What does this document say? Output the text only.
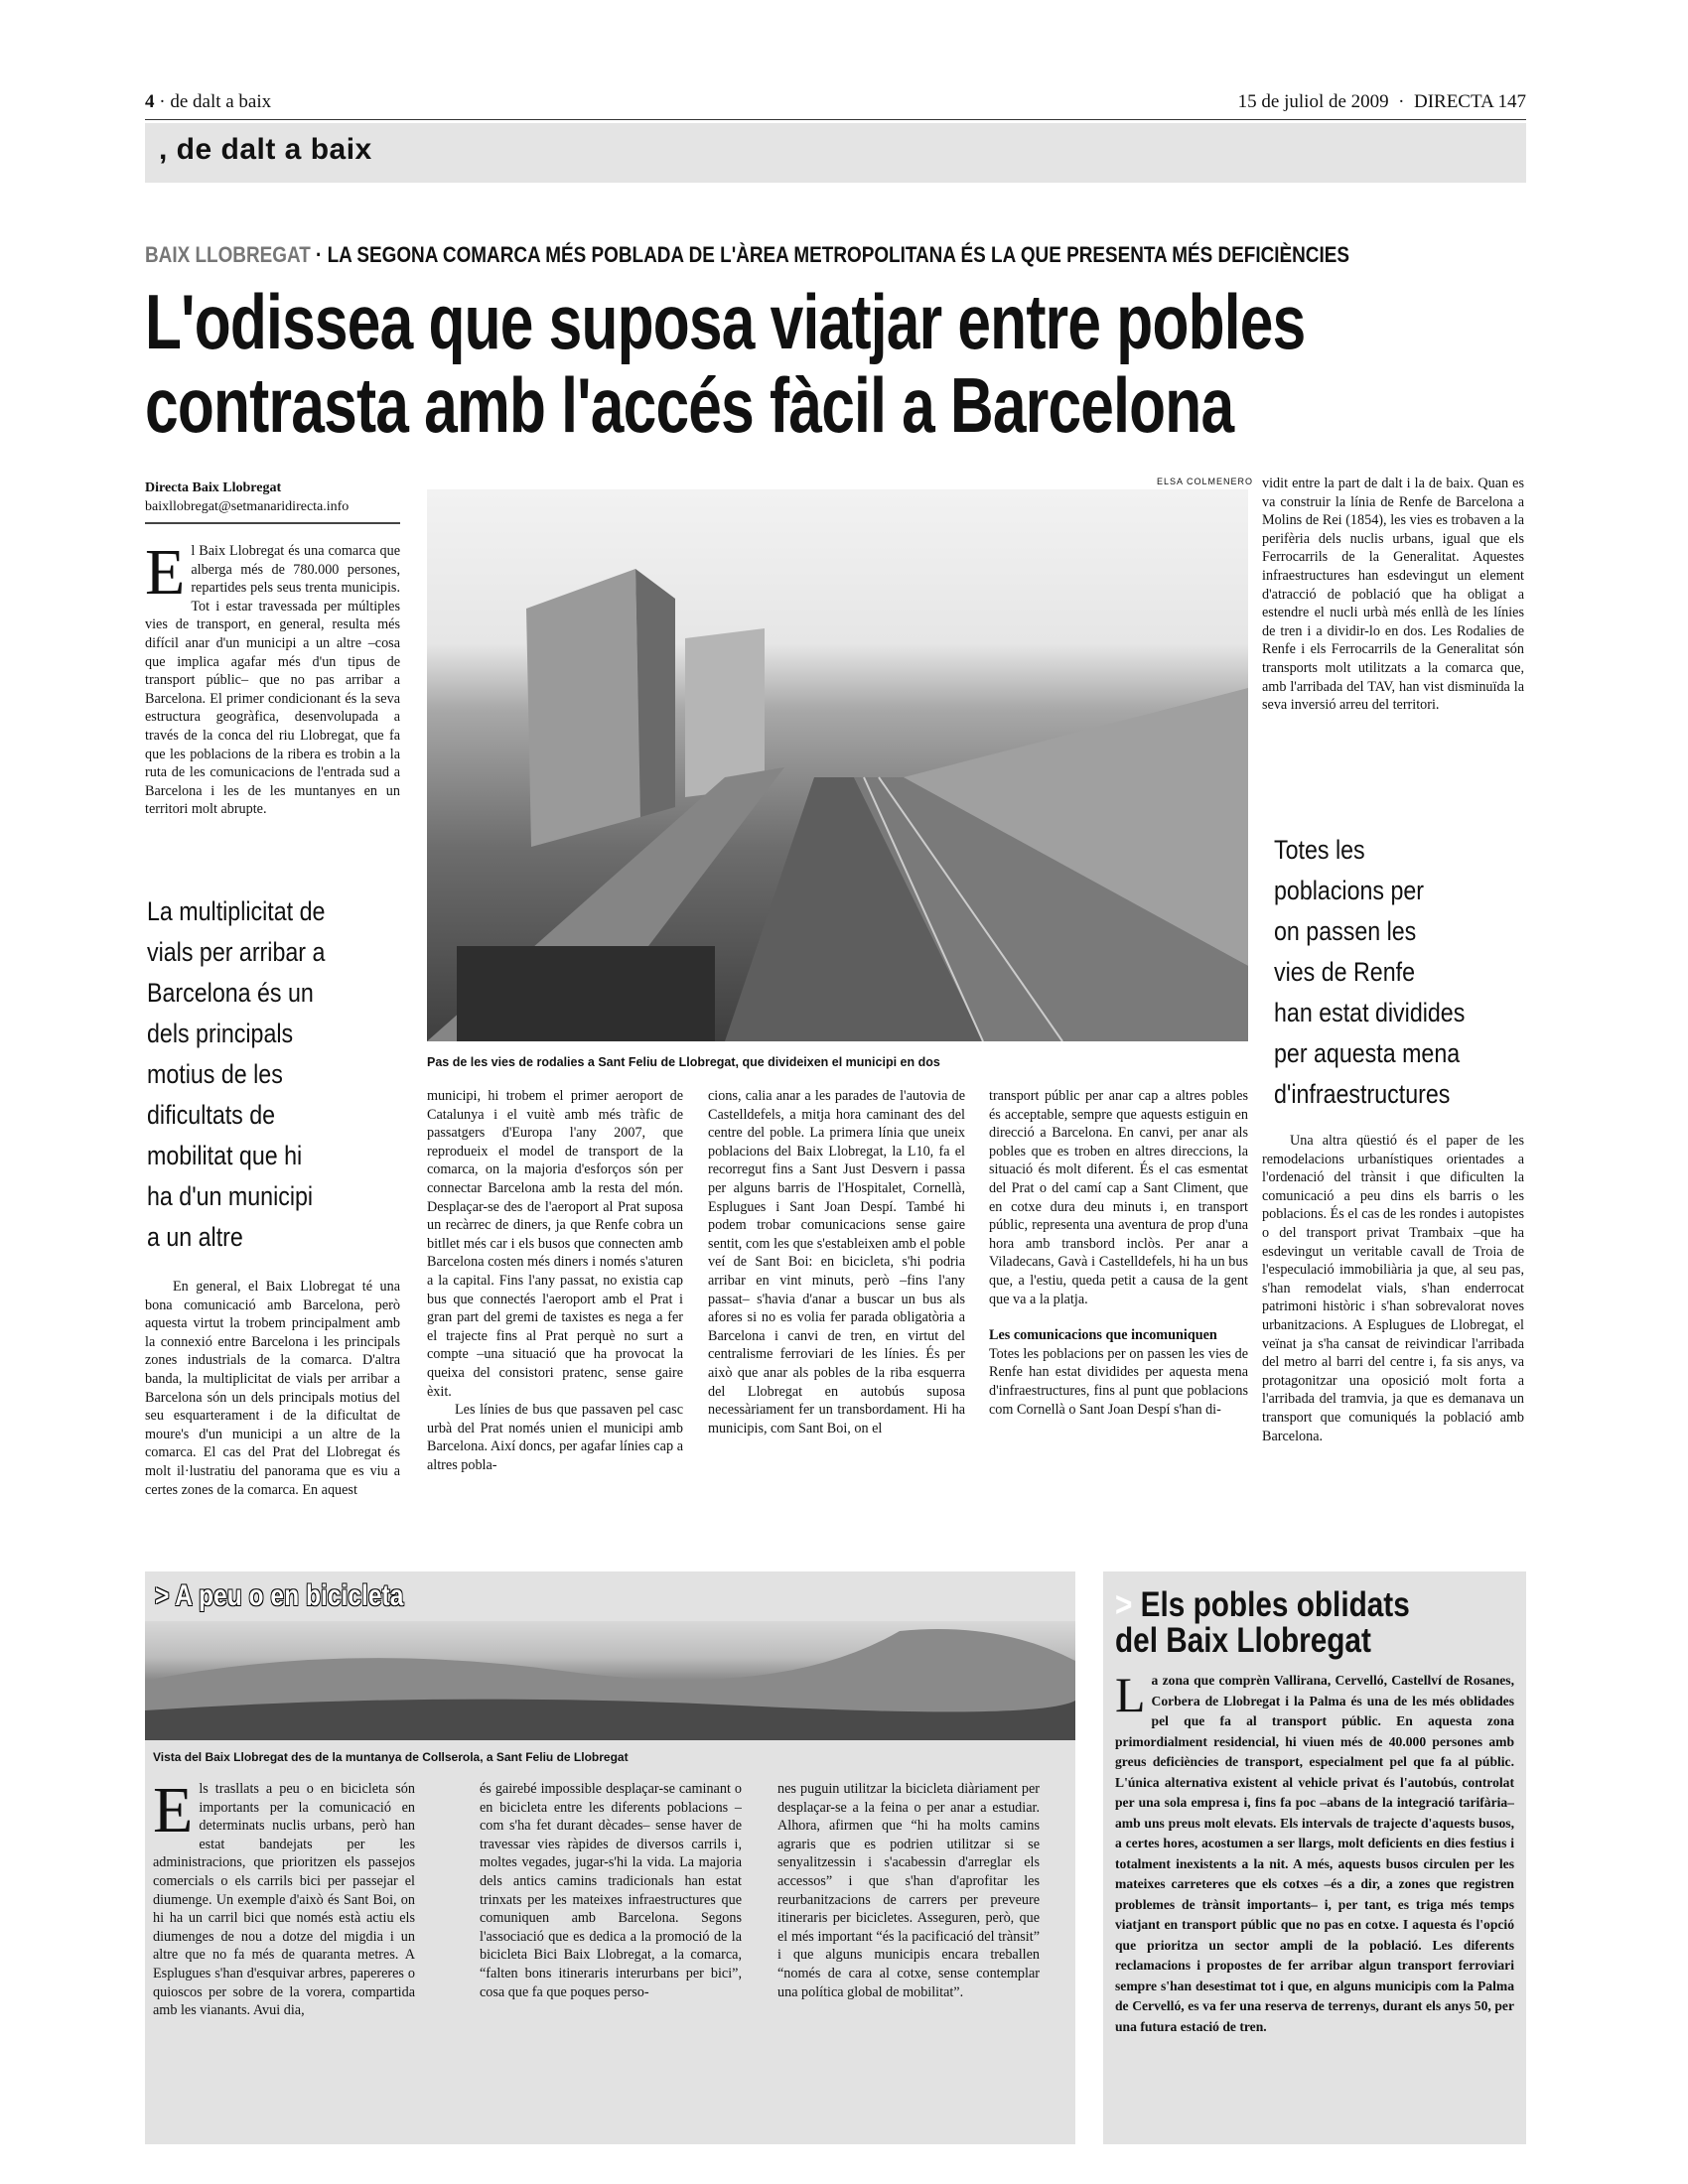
4 · de dalt a baix	15 de juliol de 2009 · DIRECTA 147
, de dalt a baix
BAIX LLOBREGAT · LA SEGONA COMARCA MÉS POBLADA DE L'ÀREA METROPOLITANA ÉS LA QUE PRESENTA MÉS DEFICIÈNCIES
L'odissea que suposa viatjar entre pobles
contrasta amb l'accés fàcil a Barcelona
Directa Baix Llobregat
baixllobregat@setmanaridirecta.info
E l Baix Llobregat és una comarca que alberga més de 780.000 persones, repartides pels seus trenta municipis. Tot i estar travessada per múltiples vies de transport, en general, resulta més difícil anar d'un municipi a un altre –cosa que implica agafar més d'un tipus de transport públic– que no pas arribar a Barcelona. El primer condicionant és la seva estructura geogràfica, desenvolupada a través de la conca del riu Llobregat, que fa que les poblacions de la ribera es trobin a la ruta de les comunicacions de l'entrada sud a Barcelona i les de les muntanyes en un territori molt abrupte.

La multiplicitat de
vials per arribar a
Barcelona és un
dels principals
motius de les
dificultats de
mobilitat que hi
ha d'un municipi
a un altre

En general, el Baix Llobregat té una bona comunicació amb Barcelona, però aquesta virtut la trobem principalment amb la connexió entre Barcelona i les principals zones industrials de la comarca. D'altra banda, la multiplicitat de vials per arribar a Barcelona són un dels principals motius del seu esquarterament i de la dificultat de moure's d'un municipi a un altre de la comarca. El cas del Prat del Llobregat és molt il·lustratiu del panorama que es viu a certes zones de la comarca. En aquest

ELSA COLMENERO
Pas de les vies de rodalies a Sant Feliu de Llobregat, que divideixen el municipi en dos

municipi, hi trobem el primer aeroport de Catalunya i el vuitè amb més tràfic de passatgers d'Europa l'any 2007, que reprodueix el model de transport de la comarca, on la majoria d'esforços són per connectar Barcelona amb la resta del món. Desplaçar-se des de l'aeroport al Prat suposa un recàrrec de diners, ja que Renfe cobra un bitllet més car i els busos que connecten amb Barcelona costen més diners i només s'aturen a la capital. Fins l'any passat, no existia cap bus que connectés l'aeroport amb el Prat i gran part del gremi de taxistes es nega a fer el trajecte fins al Prat perquè no surt a compte –una situació que ha provocat la queixa del consistori pratenc, sense gaire èxit.

Les línies de bus que passaven pel casc urbà del Prat només unien el municipi amb Barcelona. Així doncs, per agafar línies cap a altres pobla-

cions, calia anar a les parades de l'autovia de Castelldefels, a mitja hora caminant des del centre del poble. La primera línia que uneix poblacions del Baix Llobregat, la L10, fa el recorregut fins a Sant Just Desvern i passa per alguns barris de l'Hospitalet, Cornellà, Esplugues i Sant Joan Despí. També hi podem trobar comunicacions sense gaire sentit, com les que s'estableixen amb el poble veí de Sant Boi: en bicicleta, s'hi podria arribar en vint minuts, però –fins l'any passat– s'havia d'anar a buscar un bus als afores si no es volia fer parada obligatòria a Barcelona i canvi de tren, en virtut del centralisme ferroviari de les línies. És per això que anar als pobles de la riba esquerra del Llobregat en autobús suposa necessàriament fer un transbordament. Hi ha municipis, com Sant Boi, on el

transport públic per anar cap a altres pobles és acceptable, sempre que aquests estiguin en direcció a Barcelona. En canvi, per anar als pobles que es troben en altres direccions, la situació és molt diferent. És el cas esmentat del Prat o del camí cap a Sant Climent, que en cotxe dura deu minuts i, en transport públic, representa una aventura de prop d'una hora amb transbord inclòs. Per anar a Viladecans, Gavà i Castelldefels, hi ha un bus que, a l'estiu, queda petit a causa de la gent que va a la platja.

Les comunicacions que incomuniquen

Totes les poblacions per on passen les vies de Renfe han estat dividides per aquesta mena d'infraestructures, fins al punt que poblacions com Cornellà o Sant Joan Despí s'han di-

vidit entre la part de dalt i la de baix. Quan es va construir la línia de Renfe de Barcelona a Molins de Rei (1854), les vies es trobaven a la perifèria dels nuclis urbans, igual que els Ferrocarrils de la Generalitat. Aquestes infraestructures han esdevingut un element d'atracció de població que ha obligat a estendre el nucli urbà més enllà de les línies de tren i a dividir-lo en dos. Les Rodalies de Renfe i els Ferrocarrils de la Generalitat són transports molt utilitzats a la comarca que, amb l'arribada del TAV, han vist disminuïda la seva inversió arreu del territori.

Totes les
poblacions per
on passen les
vies de Renfe
han estat dividides
per aquesta mena
d'infraestructures

Una altra qüestió és el paper de les remodelacions urbanístiques orientades a l'ordenació del trànsit i que dificulten la comunicació a peu dins els barris o les poblacions. És el cas de les rondes i autopistes o del transport privat Trambaix –que ha esdevingut un veritable cavall de Troia de l'especulació immobiliària ja que, al seu pas, s'han remodelat vials, s'han enderrocat patrimoni històric i s'han sobrevalorat noves urbanitzacions. A Esplugues de Llobregat, el veïnat ja s'ha cansat de reivindicar l'arribada del metro al barri del centre i, fa sis anys, va protagonitzar una oposició molt forta a l'arribada del tramvia, ja que es demanava un transport que comuniqués la població amb Barcelona.

> A peu o en bicicleta
Vista del Baix Llobregat des de la muntanya de Collserola, a Sant Feliu de Llobregat
E ls trasllats a peu o en bicicleta són importants per la comunicació en determinats nuclis urbans, però han estat bandejats per les administracions, que prioritzen els passejos comercials o els carrils bici per passejar el diumenge. Un exemple d'això és Sant Boi, on hi ha un carril bici que només està actiu els diumenges de nou a dotze del migdia i un altre que no fa més de quaranta metres. A Esplugues s'han d'esquivar arbres, papereres o quioscos per sobre de la vorera, compartida amb les vianants. Avui dia,

és gairebé impossible desplaçar-se caminant o en bicicleta entre les diferents poblacions –com s'ha fet durant dècades– sense haver de travessar vies ràpides de diversos carrils i, moltes vegades, jugar-s'hi la vida. La majoria dels antics camins tradicionals han estat trinxats per les mateixes infraestructures que comuniquen amb Barcelona. Segons l'associació que es dedica a la promoció de la bicicleta Bici Baix Llobregat, a la comarca, “falten bons itineraris interurbans per bici”, cosa que fa que poques perso-

nes puguin utilitzar la bicicleta diàriament per desplaçar-se a la feina o per anar a estudiar. Alhora, afirmen que “hi ha molts camins agraris que es podrien utilitzar si se senyalitzessin i s'acabessin d'arreglar els accessos” i que s'han d'aprofitar les reurbanitzacions de carrers per preveure itineraris per bicicletes. Asseguren, però, que el més important “és la pacificació del trànsit” i que alguns municipis encara treballen “només de cara al cotxe, sense contemplar una política global de mobilitat”.

> Els pobles oblidats
del Baix Llobregat
L a zona que comprèn Vallirana, Cervelló, Castellví de Rosanes, Corbera de Llobregat i la Palma és una de les més oblidades pel que fa al transport públic. En aquesta zona primordialment residencial, hi viuen més de 40.000 persones amb greus deficiències de transport, especialment pel que fa al públic. L'única alternativa existent al vehicle privat és l'autobús, controlat per una sola empresa i, fins fa poc –abans de la integració tarifària– amb uns preus molt elevats. Els intervals de trajecte d'aquests busos, a certes hores, acostumen a ser llargs, molt deficients en dies festius i totalment inexistents a la nit. A més, aquests busos circulen per les mateixes carreteres que els cotxes –és a dir, a zones que registren problemes de trànsit importants– i, per tant, es triga més temps viatjant en transport públic que no pas en cotxe. I aquesta és l'opció que prioritza un sector ampli de la població. Les diferents reclamacions i propostes de fer arribar algun transport ferroviari sempre s'han desestimat tot i que, en alguns municipis com la Palma de Cervelló, es va fer una reserva de terrenys, durant els anys 50, per una futura estació de tren.
